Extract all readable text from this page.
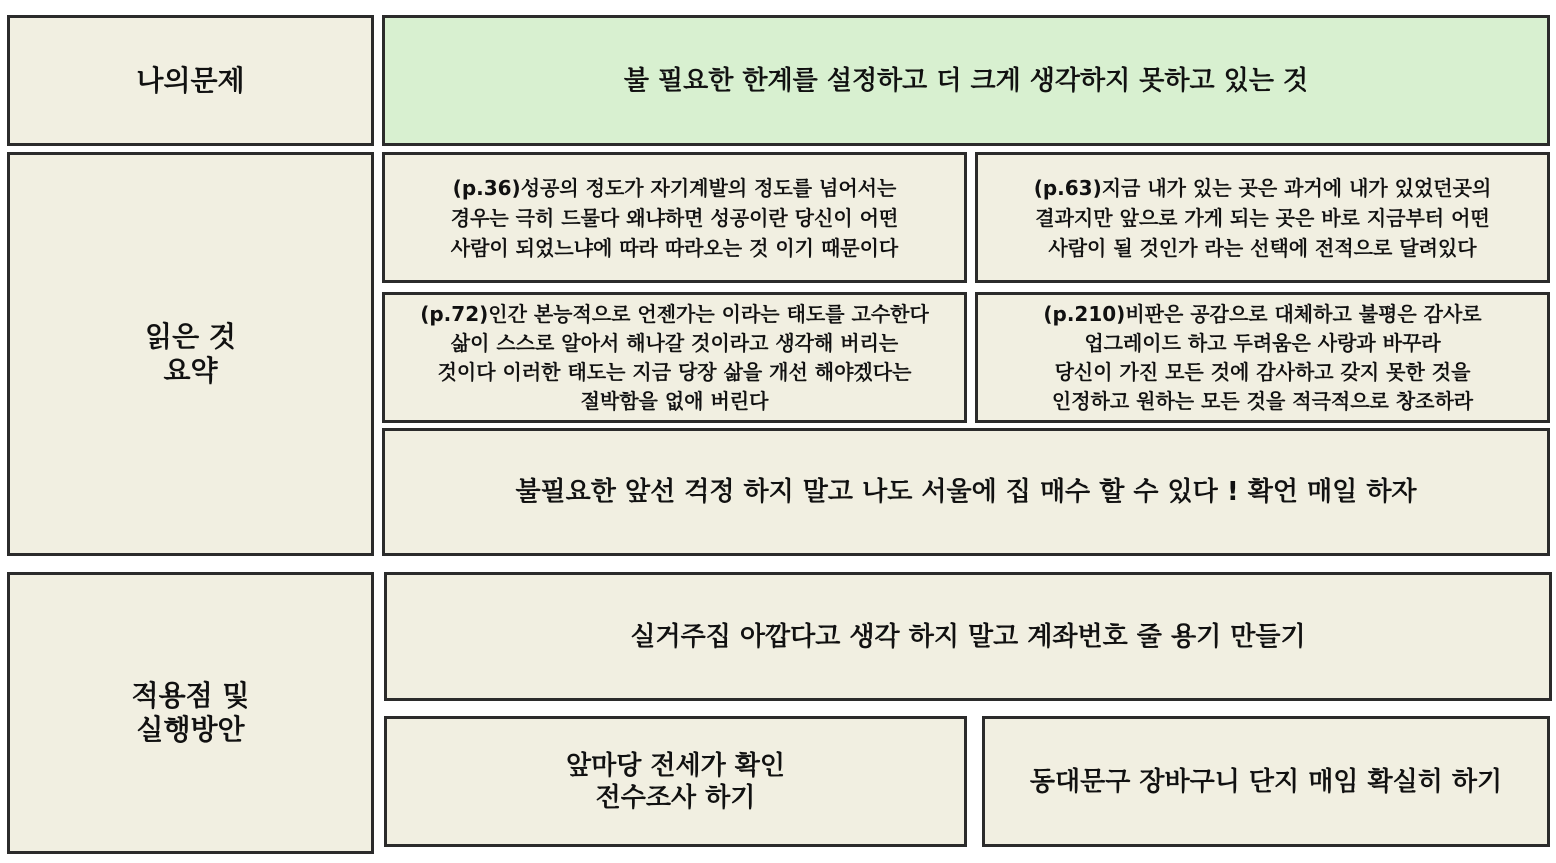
나의문제	불 필요한 한계를 설정하고 더 크게 생각하지 못하고 있는 것
읽은 것
요약
(p.36)성공의 정도가 자기계발의 정도를 넘어서는
경우는 극히 드물다 왜냐하면 성공이란 당신이 어떤
사람이 되었느냐에 따라 따라오는 것 이기 때문이다
(p.63)지금 내가 있는 곳은 과거에 내가 있었던곳의
결과지만 앞으로 가게 되는 곳은 바로 지금부터 어떤
사람이 될 것인가 라는 선택에 전적으로 달려있다
(p.72)인간 본능적으로 언젠가는 이라는 태도를 고수한다
삶이 스스로 알아서 해나갈 것이라고 생각해 버리는
것이다 이러한 태도는 지금 당장 삶을 개선 해야겠다는
절박함을 없애 버린다
(p.210)비판은 공감으로 대체하고 불평은 감사로
업그레이드 하고 두려움은 사랑과 바꾸라
당신이 가진 모든 것에 감사하고 갖지 못한 것을
인정하고 원하는 모든 것을 적극적으로 창조하라
불필요한 앞선 걱정 하지 말고 나도 서울에 집 매수 할 수 있다 ! 확언 매일 하자
적용점 및
실행방안
실거주집 아깝다고 생각 하지 말고 계좌번호 줄 용기 만들기
앞마당 전세가 확인
전수조사 하기
동대문구 장바구니 단지 매임 확실히 하기
